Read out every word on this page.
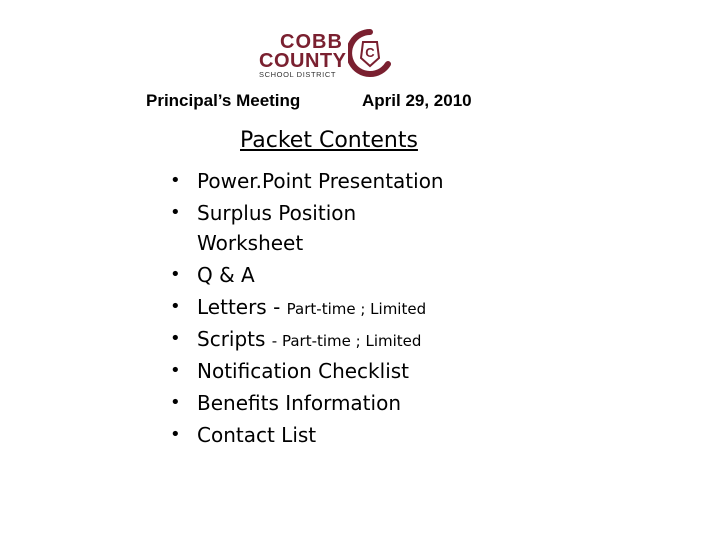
COBB
COUNTY
SCHOOL DISTRICT
C
Principal’s Meeting	April 29, 2010
Packet Contents
• Power.Point Presentation
• Surplus Position Worksheet
• Q & A
• Letters - Part-time ; Limited
• Scripts - Part-time ; Limited
• Notification Checklist
• Benefits Information
• Contact List
